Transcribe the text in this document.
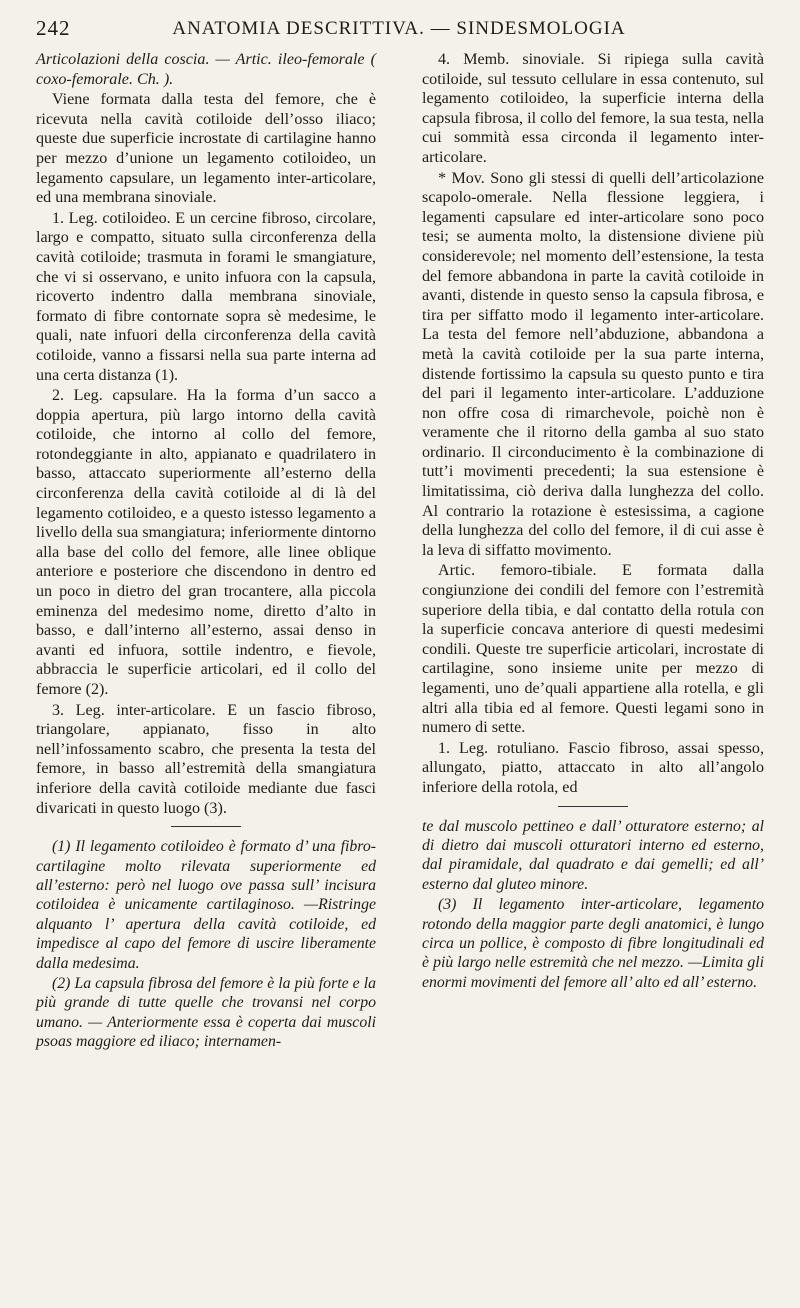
242	ANATOMIA DESCRITTIVA. — SINDESMOLOGIA

Articolazioni della coscia. — Artic. ileo-femorale ( coxo-femorale. Ch. ).

Viene formata dalla testa del femore, che è ricevuta nella cavità cotiloide dell’osso iliaco; queste due superficie incrostate di cartilagine hanno per mezzo d’unione un legamento cotiloideo, un legamento capsulare, un legamento inter-articolare, ed una membrana sinoviale.

1. Leg. cotiloideo. E un cercine fibroso, circolare, largo e compatto, situato sulla circonferenza della cavità cotiloide; trasmuta in forami le smangiature, che vi si osservano, e unito infuora con la capsula, ricoverto indentro dalla membrana sinoviale, formato di fibre contornate sopra sè medesime, le quali, nate infuori della circonferenza della cavità cotiloide, vanno a fissarsi nella sua parte interna ad una certa distanza (1).

2. Leg. capsulare. Ha la forma d’un sacco a doppia apertura, più largo intorno della cavità cotiloide, che intorno al collo del femore, rotondeggiante in alto, appianato e quadrilatero in basso, attaccato superiormente all’esterno della circonferenza della cavità cotiloide al di là del legamento cotiloideo, e a questo istesso legamento a livello della sua smangiatura; inferiormente dintorno alla base del collo del femore, alle linee oblique anteriore e posteriore che discendono in dentro ed un poco in dietro del gran trocantere, alla piccola eminenza del medesimo nome, diretto d’alto in basso, e dall’interno all’esterno, assai denso in avanti ed infuora, sottile indentro, e fievole, abbraccia le superficie articolari, ed il collo del femore (2).

3. Leg. inter-articolare. E un fascio fibroso, triangolare, appianato, fisso in alto nell’infossamento scabro, che presenta la testa del femore, in basso all’estremità della smangiatura inferiore della cavità cotiloide mediante due fasci divaricati in questo luogo (3).

(1) Il legamento cotiloideo è formato d’ una fibro-cartilagine molto rilevata superiormente ed all’esterno: però nel luogo ove passa sull’ incisura cotiloidea è unicamente cartilaginoso. —Ristringe alquanto l’ apertura della cavità cotiloide, ed impedisce al capo del femore di uscire liberamente dalla medesima.

(2) La capsula fibrosa del femore è la più forte e la più grande di tutte quelle che trovansi nel corpo umano. — Anteriormente essa è coperta dai muscoli psoas maggiore ed iliaco; internamen-

4. Memb. sinoviale. Si ripiega sulla cavità cotiloide, sul tessuto cellulare in essa contenuto, sul legamento cotiloideo, la superficie interna della capsula fibrosa, il collo del femore, la sua testa, nella cui sommità essa circonda il legamento inter-articolare.

* Mov. Sono gli stessi di quelli dell’articolazione scapolo-omerale. Nella flessione leggiera, i legamenti capsulare ed inter-articolare sono poco tesi; se aumenta molto, la distensione diviene più considerevole; nel momento dell’estensione, la testa del femore abbandona in parte la cavità cotiloide in avanti, distende in questo senso la capsula fibrosa, e tira per siffatto modo il legamento inter-articolare. La testa del femore nell’abduzione, abbandona a metà la cavità cotiloide per la sua parte interna, distende fortissimo la capsula su questo punto e tira del pari il legamento inter-articolare. L’adduzione non offre cosa di rimarchevole, poichè non è veramente che il ritorno della gamba al suo stato ordinario. Il circonducimento è la combinazione di tutt’i movimenti precedenti; la sua estensione è limitatissima, ciò deriva dalla lunghezza del collo. Al contrario la rotazione è estesissima, a cagione della lunghezza del collo del femore, il di cui asse è la leva di siffatto movimento.

Artic. femoro-tibiale. E formata dalla congiunzione dei condili del femore con l’estremità superiore della tibia, e dal contatto della rotula con la superficie concava anteriore di questi medesimi condili. Queste tre superficie articolari, incrostate di cartilagine, sono insieme unite per mezzo di legamenti, uno de’quali appartiene alla rotella, e gli altri alla tibia ed al femore. Questi legami sono in numero di sette.

1. Leg. rotuliano. Fascio fibroso, assai spesso, allungato, piatto, attaccato in alto all’angolo inferiore della rotola, ed

te dal muscolo pettineo e dall’ otturatore esterno; al di dietro dai muscoli otturatori interno ed esterno, dal piramidale, dal quadrato e dai gemelli; ed all’ esterno dal gluteo minore.

(3) Il legamento inter-articolare, legamento rotondo della maggior parte degli anatomici, è lungo circa un pollice, è composto di fibre longitudinali ed è più largo nelle estremità che nel mezzo. —Limita gli enormi movimenti del femore all’ alto ed all’ esterno.
